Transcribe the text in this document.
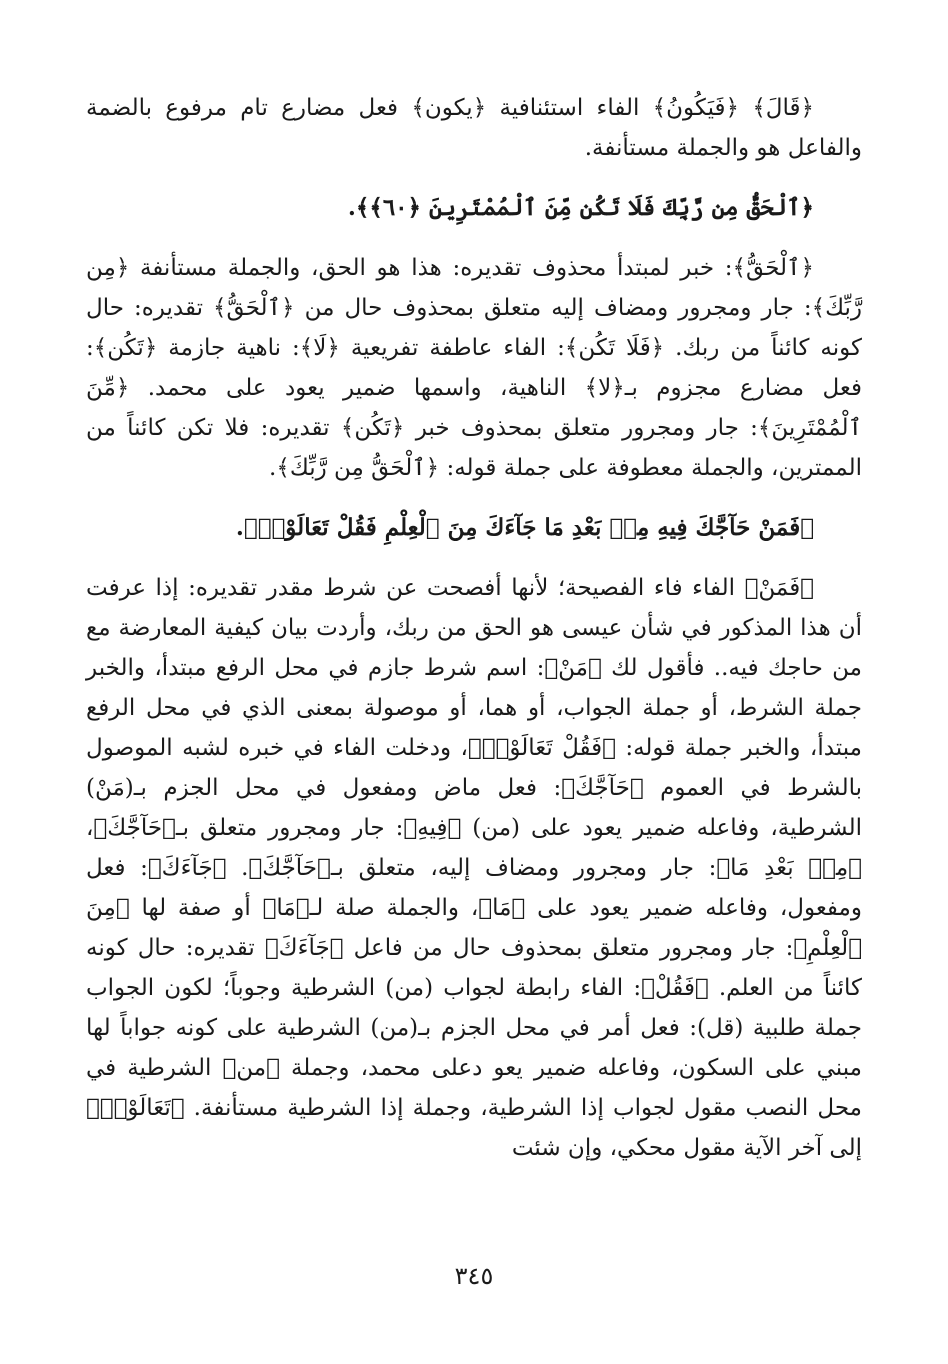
﴿قَالَ﴾ ﴿فَيَكُونُ﴾ الفاء استئنافية ﴿يكون﴾ فعل مضارع تام مرفوع بالضمة والفاعل هو والجملة مستأنفة.

﴿ٱلْحَقُّ مِن رَّبِّكَ فَلَا تَكُن مِّنَ ٱلْمُمْتَرِينَ ﴿٦٠﴾﴾.

﴿ٱلْحَقُّ﴾: خبر لمبتدأ محذوف تقديره: هذا هو الحق، والجملة مستأنفة ﴿مِن رَّبِّكَ﴾: جار ومجرور ومضاف إليه متعلق بمحذوف حال من ﴿ٱلْحَقُّ﴾ تقديره: حال كونه كائناً من ربك. ﴿فَلَا تَكُن﴾: الفاء عاطفة تفريعية ﴿لَا﴾: ناهية جازمة ﴿تَكُن﴾: فعل مضارع مجزوم بـ﴿لا﴾ الناهية، واسمها ضمير يعود على محمد. ﴿مِّنَ ٱلْمُمْتَرِينَ﴾: جار ومجرور متعلق بمحذوف خبر ﴿تَكُن﴾ تقديره: فلا تكن كائناً من الممترين، والجملة معطوفة على جملة قوله: ﴿ٱلْحَقُّ مِن رَّبِّكَ﴾.

﴿فَمَنْ حَآجَّكَ فِيهِ مِنۢ بَعْدِ مَا جَآءَكَ مِنَ ٱلْعِلْمِ فَقُلْ تَعَالَوْا۟﴾.

﴿فَمَنْ﴾ الفاء فاء الفصيحة؛ لأنها أفصحت عن شرط مقدر تقديره: إذا عرفت أن هذا المذكور في شأن عيسى هو الحق من ربك، وأردت بيان كيفية المعارضة مع من حاجك فيه.. فأقول لك ﴿مَنْ﴾: اسم شرط جازم في محل الرفع مبتدأ، والخبر جملة الشرط، أو جملة الجواب، أو هما، أو موصولة بمعنى الذي في محل الرفع مبتدأ، والخبر جملة قوله: ﴿فَقُلْ تَعَالَوْا۟﴾، ودخلت الفاء في خبره لشبه الموصول بالشرط في العموم ﴿حَآجَّكَ﴾: فعل ماض ومفعول في محل الجزم بـ(مَنْ) الشرطية، وفاعله ضمير يعود على (من) ﴿فِيهِ﴾: جار ومجرور متعلق بـ﴿حَآجَّكَ﴾، ﴿مِنۢ بَعْدِ مَا﴾: جار ومجرور ومضاف إليه، متعلق بـ﴿حَآجَّكَ﴾. ﴿جَآءَكَ﴾: فعل ومفعول، وفاعله ضمير يعود على ﴿مَا﴾، والجملة صلة لـ﴿مَا﴾ أو صفة لها ﴿مِنَ ٱلْعِلْمِ﴾: جار ومجرور متعلق بمحذوف حال من فاعل ﴿جَآءَكَ﴾ تقديره: حال كونه كائناً من العلم. ﴿فَقُلْ﴾: الفاء رابطة لجواب (من) الشرطية وجوباً؛ لكون الجواب جملة طلبية (قل): فعل أمر في محل الجزم بـ(من) الشرطية على كونه جواباً لها مبني على السكون، وفاعله ضمير يعو دعلى محمد، وجملة ﴿من﴾ الشرطية في محل النصب مقول لجواب إذا الشرطية، وجملة إذا الشرطية مستأنفة. ﴿تَعَالَوْا۟﴾ إلى آخر الآية مقول محكي، وإن شئت

٣٤٥
